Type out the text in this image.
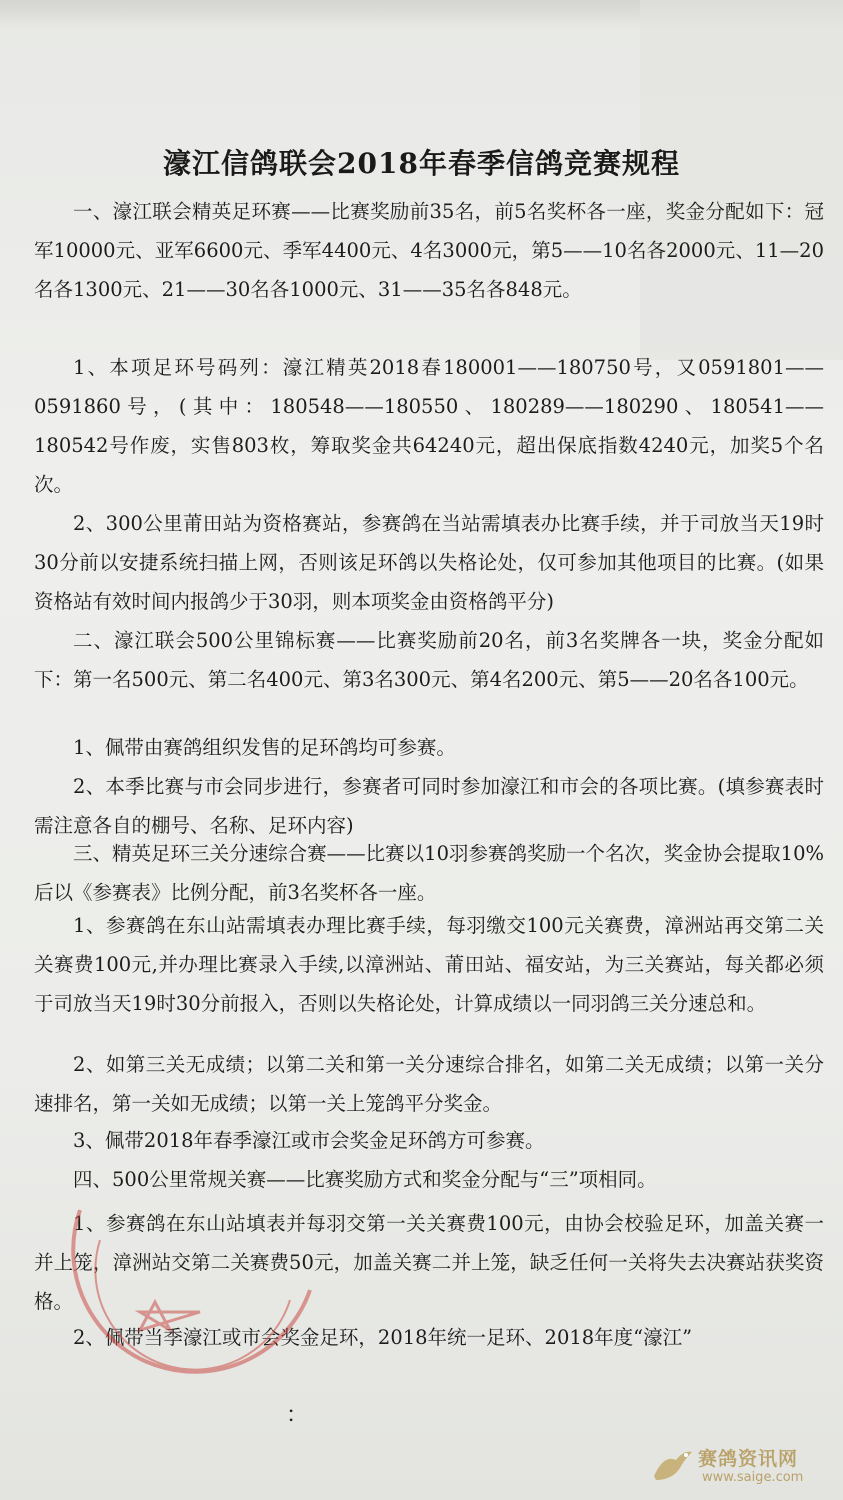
濠江信鸽联会2018年春季信鸽竞赛规程

一、濠江联会精英足环赛——比赛奖励前35名，前5名奖杯各一座，奖金分配如下：冠军10000元、亚军6600元、季军4400元、4名3000元，第5——10名各2000元、11—20名各1300元、21——30名各1000元、31——35名各848元。

1、本项足环号码列：濠江精英2018春180001——180750号，又0591801——0591860号，(其中：180548——180550、180289——180290、180541——180542号作废，实售803枚，筹取奖金共64240元，超出保底指数4240元，加奖5个名次。

2、300公里莆田站为资格赛站，参赛鸽在当站需填表办比赛手续，并于司放当天19时30分前以安捷系统扫描上网，否则该足环鸽以失格论处，仅可参加其他项目的比赛。(如果资格站有效时间内报鸽少于30羽，则本项奖金由资格鸽平分)

二、濠江联会500公里锦标赛——比赛奖励前20名，前3名奖牌各一块，奖金分配如下：第一名500元、第二名400元、第3名300元、第4名200元、第5——20名各100元。

1、佩带由赛鸽组织发售的足环鸽均可参赛。

2、本季比赛与市会同步进行，参赛者可同时参加濠江和市会的各项比赛。(填参赛表时需注意各自的棚号、名称、足环内容)

三、精英足环三关分速综合赛——比赛以10羽参赛鸽奖励一个名次，奖金协会提取10%后以《参赛表》比例分配，前3名奖杯各一座。

1、参赛鸽在东山站需填表办理比赛手续，每羽缴交100元关赛费，漳洲站再交第二关关赛费100元,并办理比赛录入手续,以漳洲站、莆田站、福安站，为三关赛站，每关都必须于司放当天19时30分前报入，否则以失格论处，计算成绩以一同羽鸽三关分速总和。

2、如第三关无成绩；以第二关和第一关分速综合排名，如第二关无成绩；以第一关分速排名，第一关如无成绩；以第一关上笼鸽平分奖金。

3、佩带2018年春季濠江或市会奖金足环鸽方可参赛。

四、500公里常规关赛——比赛奖励方式和奖金分配与“三”项相同。

1、参赛鸽在东山站填表并每羽交第一关关赛费100元，由协会校验足环，加盖关赛一并上笼，漳洲站交第二关赛费50元，加盖关赛二并上笼，缺乏任何一关将失去决赛站获奖资格。

2、佩带当季濠江或市会奖金足环，2018年统一足环、2018年度“濠江”

：
赛鸽资讯网
www.saige.com
